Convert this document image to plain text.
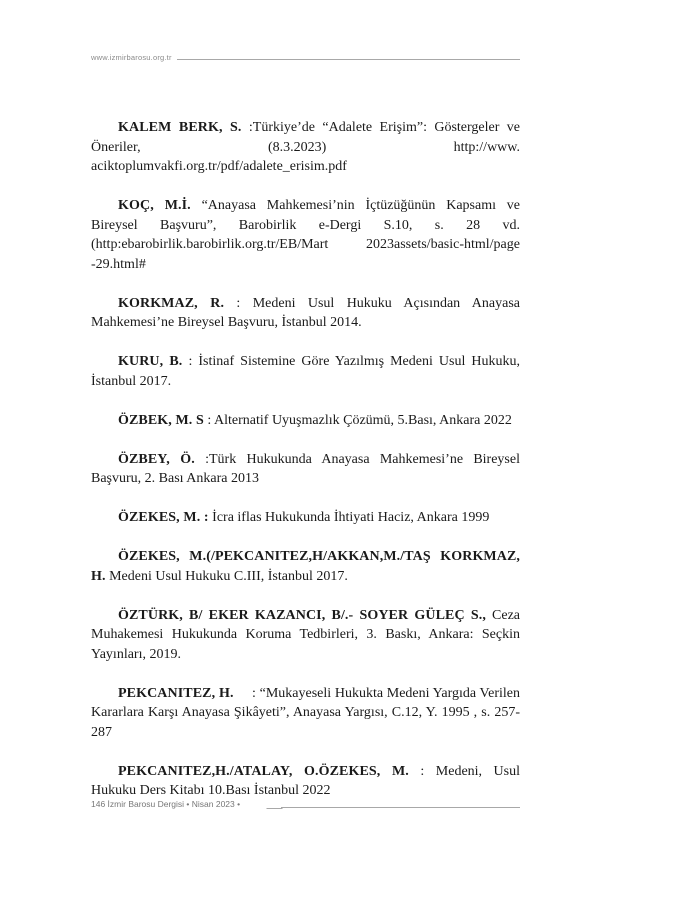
www.izmirbarosu.org.tr

KALEM BERK, S. :Türkiye’de “Adalete Erişim”: Göstergeler ve Öneriler, (8.3.2023) http://www. aciktoplumvakfi.org.tr/pdf/adalete_erisim.pdf

KOÇ, M.İ. “Anayasa Mahkemesi’nin İçtüzüğünün Kapsamı ve Bireysel Başvuru”, Barobirlik e-Dergi S.10, s. 28 vd.(http:ebarobirlik.barobirlik.org.tr/EB/Mart 2023assets/basic-html/page -29.html#

KORKMAZ, R. : Medeni Usul Hukuku Açısından Anayasa Mahkemesi’ne Bireysel Başvuru, İstanbul 2014.

KURU, B. : İstinaf Sistemine Göre Yazılmış Medeni Usul Hukuku, İstanbul 2017.

ÖZBEK, M. S : Alternatif Uyuşmazlık Çözümü, 5.Bası, Ankara 2022

ÖZBEY, Ö. :Türk Hukukunda Anayasa Mahkemesi’ne Bireysel Başvuru, 2. Bası Ankara 2013

ÖZEKES, M. : İcra iflas Hukukunda İhtiyati Haciz, Ankara 1999

ÖZEKES, M.(/PEKCANITEZ,H/AKKAN,M./TAŞ KORKMAZ, H. Medeni Usul Hukuku C.III, İstanbul 2017.

ÖZTÜRK, B/ EKER KAZANCI, B/.- SOYER GÜLEÇ S., Ceza Muhakemesi Hukukunda Koruma Tedbirleri, 3. Baskı, Ankara: Seçkin Yayınları, 2019.

PEKCANITEZ, H.     : “Mukayeseli Hukukta Medeni Yargıda Verilen Kararlara Karşı Anayasa Şikâyeti”, Anayasa Yargısı, C.12, Y. 1995 , s. 257-287

PEKCANITEZ,H./ATALAY, O.ÖZEKES, M. : Medeni, Usul Hukuku Ders Kitabı 10.Bası İstanbul 2022

146 İzmir Barosu Dergisi • Nisan 2023 •
